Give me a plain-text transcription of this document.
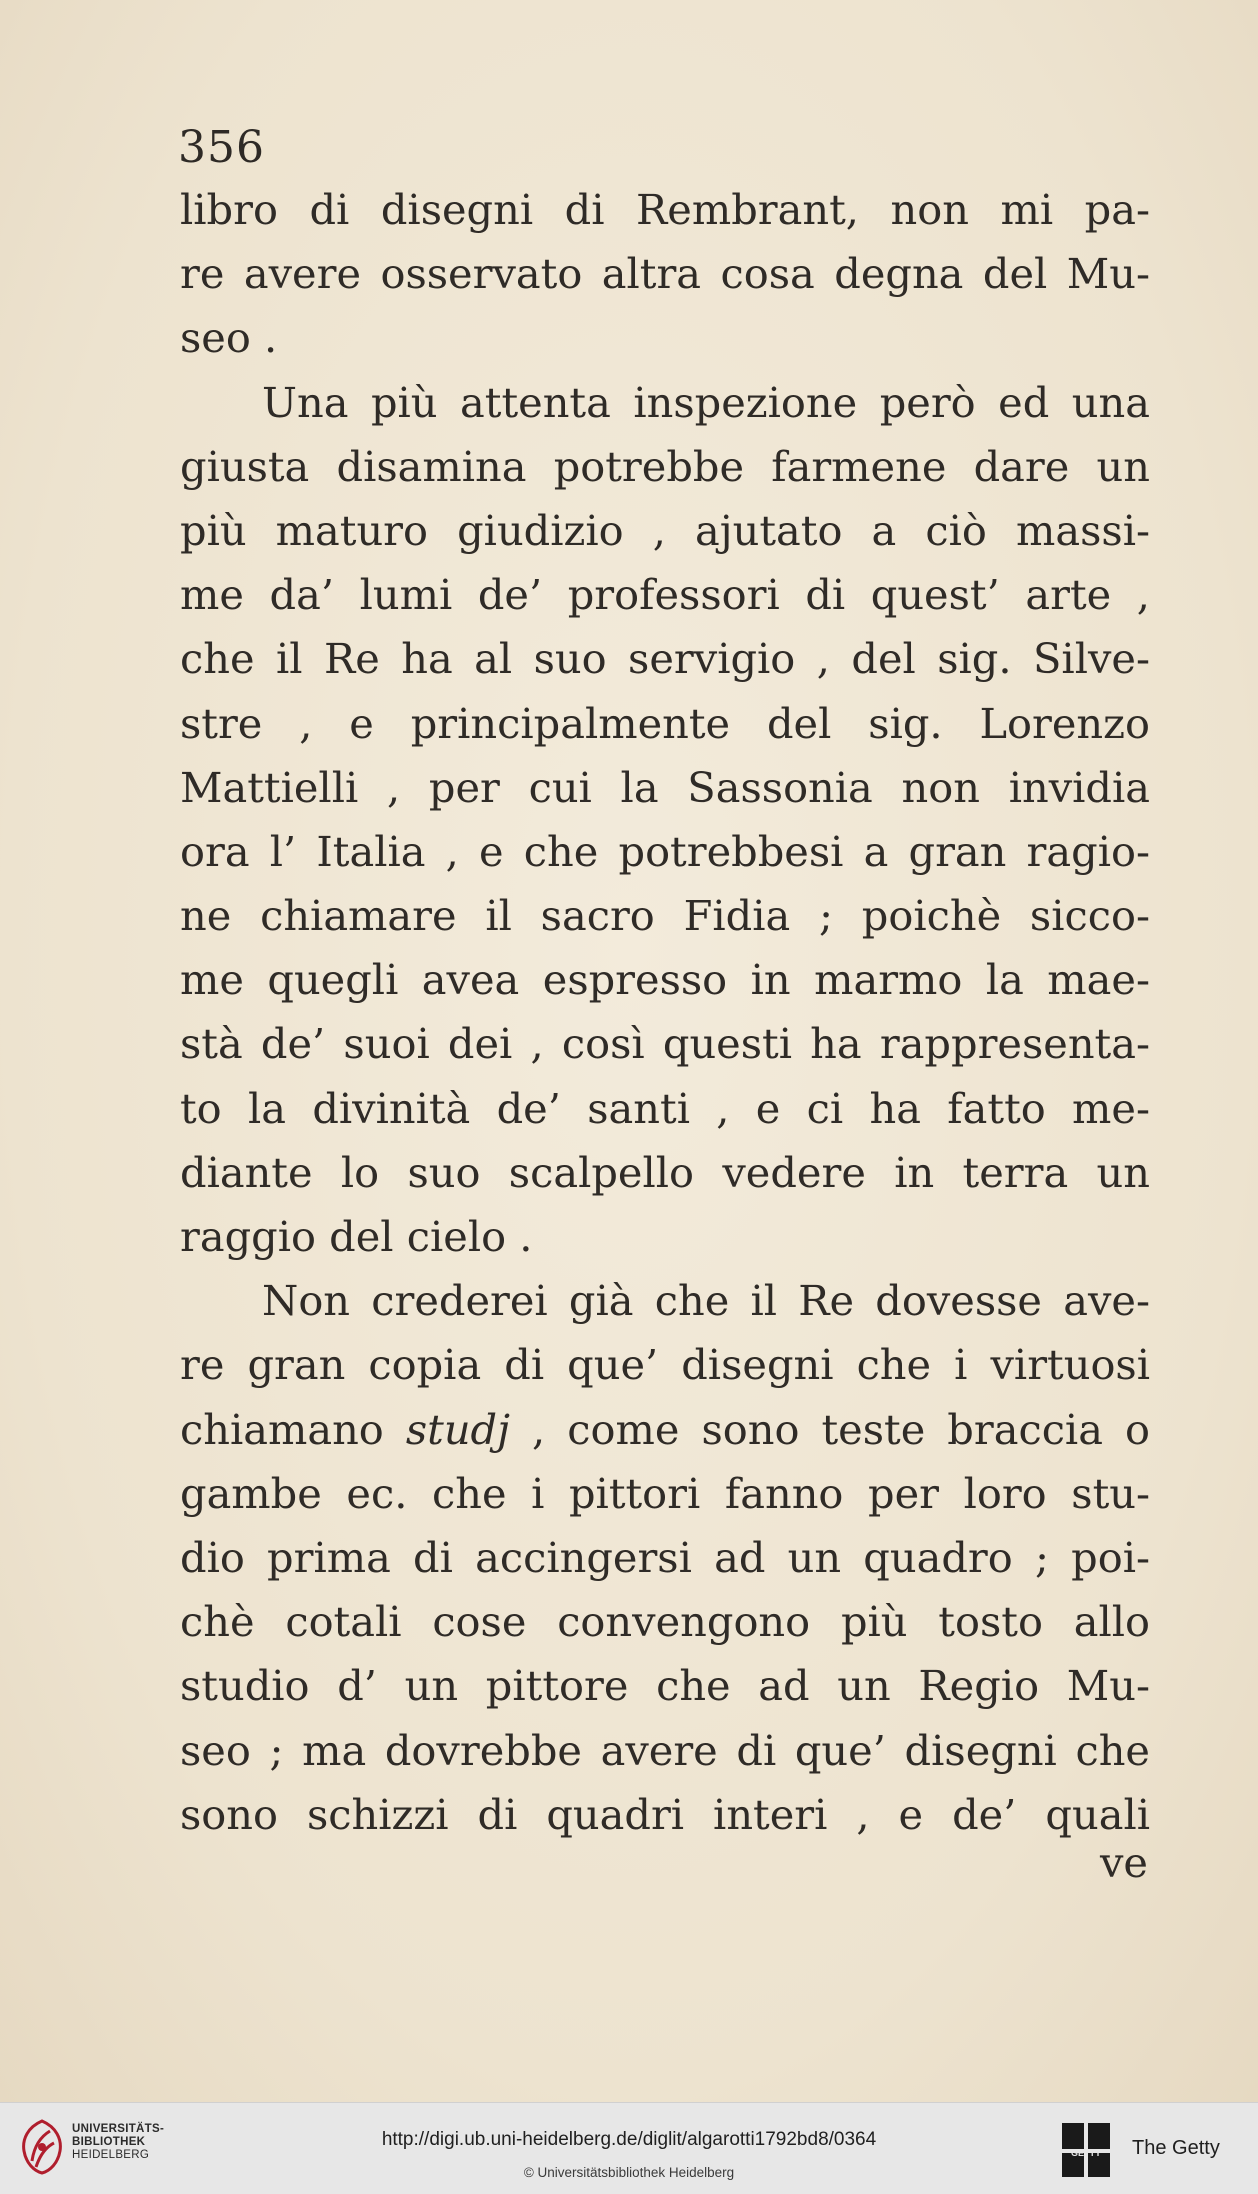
356
libro di disegni di Rembrant, non mi pa-
re avere osservato altra cosa degna del Mu-
seo .
Una più attenta inspezione però ed una
giusta disamina potrebbe farmene dare un
più maturo giudizio , ajutato a ciò massi-
me da’ lumi de’ professori di quest’ arte ,
che il Re ha al suo servigio , del sig. Silve-
stre , e principalmente del sig. Lorenzo
Mattielli , per cui la Sassonia non invidia
ora l’ Italia , e che potrebbesi a gran ragio-
ne chiamare il sacro Fidia ; poichè sicco-
me quegli avea espresso in marmo la mae-
stà de’ suoi dei , così questi ha rappresenta-
to la divinità de’ santi , e ci ha fatto me-
diante lo suo scalpello vedere in terra un
raggio del cielo .
Non crederei già che il Re dovesse ave-
re gran copia di que’ disegni che i virtuosi
chiamano studj , come sono teste braccia o
gambe ec. che i pittori fanno per loro stu-
dio prima di accingersi ad un quadro ; poi-
chè cotali cose convengono più tosto allo
studio d’ un pittore che ad un Regio Mu-
seo ; ma dovrebbe avere di que’ disegni che
sono schizzi di quadri interi , e de’ quali
ve
UNIVERSITÄTS-
BIBLIOTHEK
HEIDELBERG
http://digi.ub.uni-heidelberg.de/diglit/algarotti1792bd8/0364
© Universitätsbibliothek Heidelberg
GETTY The Getty
